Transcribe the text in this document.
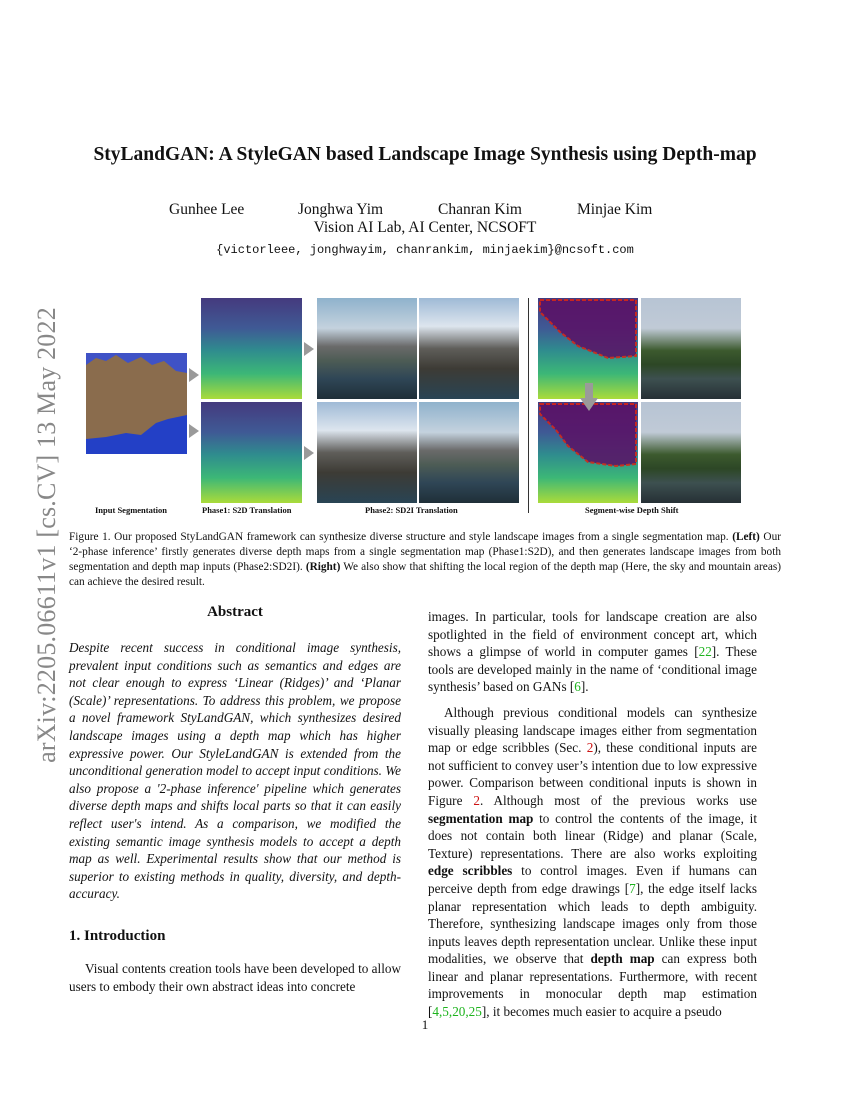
arXiv:2205.06611v1 [cs.CV] 13 May 2022
StyLandGAN: A StyleGAN based Landscape Image Synthesis using Depth-map
Gunhee Lee	Jonghwa Yim	Chanran Kim	Minjae Kim
Vision AI Lab, AI Center, NCSOFT
{victorleee, jonghwayim, chanrankim, minjaekim}@ncsoft.com
Input Segmentation	Phase1: S2D Translation	Phase2: SD2I Translation	Segment-wise Depth Shift
Figure 1. Our proposed StyLandGAN framework can synthesize diverse structure and style landscape images from a single segmentation map. (Left) Our ‘2-phase inference’ firstly generates diverse depth maps from a single segmentation map (Phase1:S2D), and then generates landscape images from both segmentation and depth map inputs (Phase2:SD2I). (Right) We also show that shifting the local region of the depth map (Here, the sky and mountain areas) can achieve the desired result.
Abstract
Despite recent success in conditional image synthesis, prevalent input conditions such as semantics and edges are not clear enough to express ‘Linear (Ridges)’ and ‘Planar (Scale)’ representations. To address this problem, we propose a novel framework StyLandGAN, which synthesizes desired landscape images using a depth map which has higher expressive power. Our StyleLandGAN is extended from the unconditional generation model to accept input conditions. We also propose a '2-phase inference' pipeline which generates diverse depth maps and shifts local parts so that it can easily reflect user's intend. As a comparison, we modified the existing semantic image synthesis models to accept a depth map as well. Experimental results show that our method is superior to existing methods in quality, diversity, and depth-accuracy.
1. Introduction
Visual contents creation tools have been developed to allow users to embody their own abstract ideas into concrete

images. In particular, tools for landscape creation are also spotlighted in the field of environment concept art, which shows a glimpse of world in computer games [22]. These tools are developed mainly in the name of ‘conditional image synthesis’ based on GANs [6].

Although previous conditional models can synthesize visually pleasing landscape images either from segmentation map or edge scribbles (Sec. 2), these conditional inputs are not sufficient to convey user’s intention due to low expressive power. Comparison between conditional inputs is shown in Figure 2. Although most of the previous works use segmentation map to control the contents of the image, it does not contain both linear (Ridge) and planar (Scale, Texture) representations. There are also works exploiting edge scribbles to control images. Even if humans can perceive depth from edge drawings [7], the edge itself lacks planar representation which leads to depth ambiguity. Therefore, synthesizing landscape images only from those inputs leaves depth representation unclear. Unlike these input modalities, we observe that depth map can express both linear and planar representations. Furthermore, with recent improvements in monocular depth map estimation [4,5,20,25], it becomes much easier to acquire a pseudo

1
